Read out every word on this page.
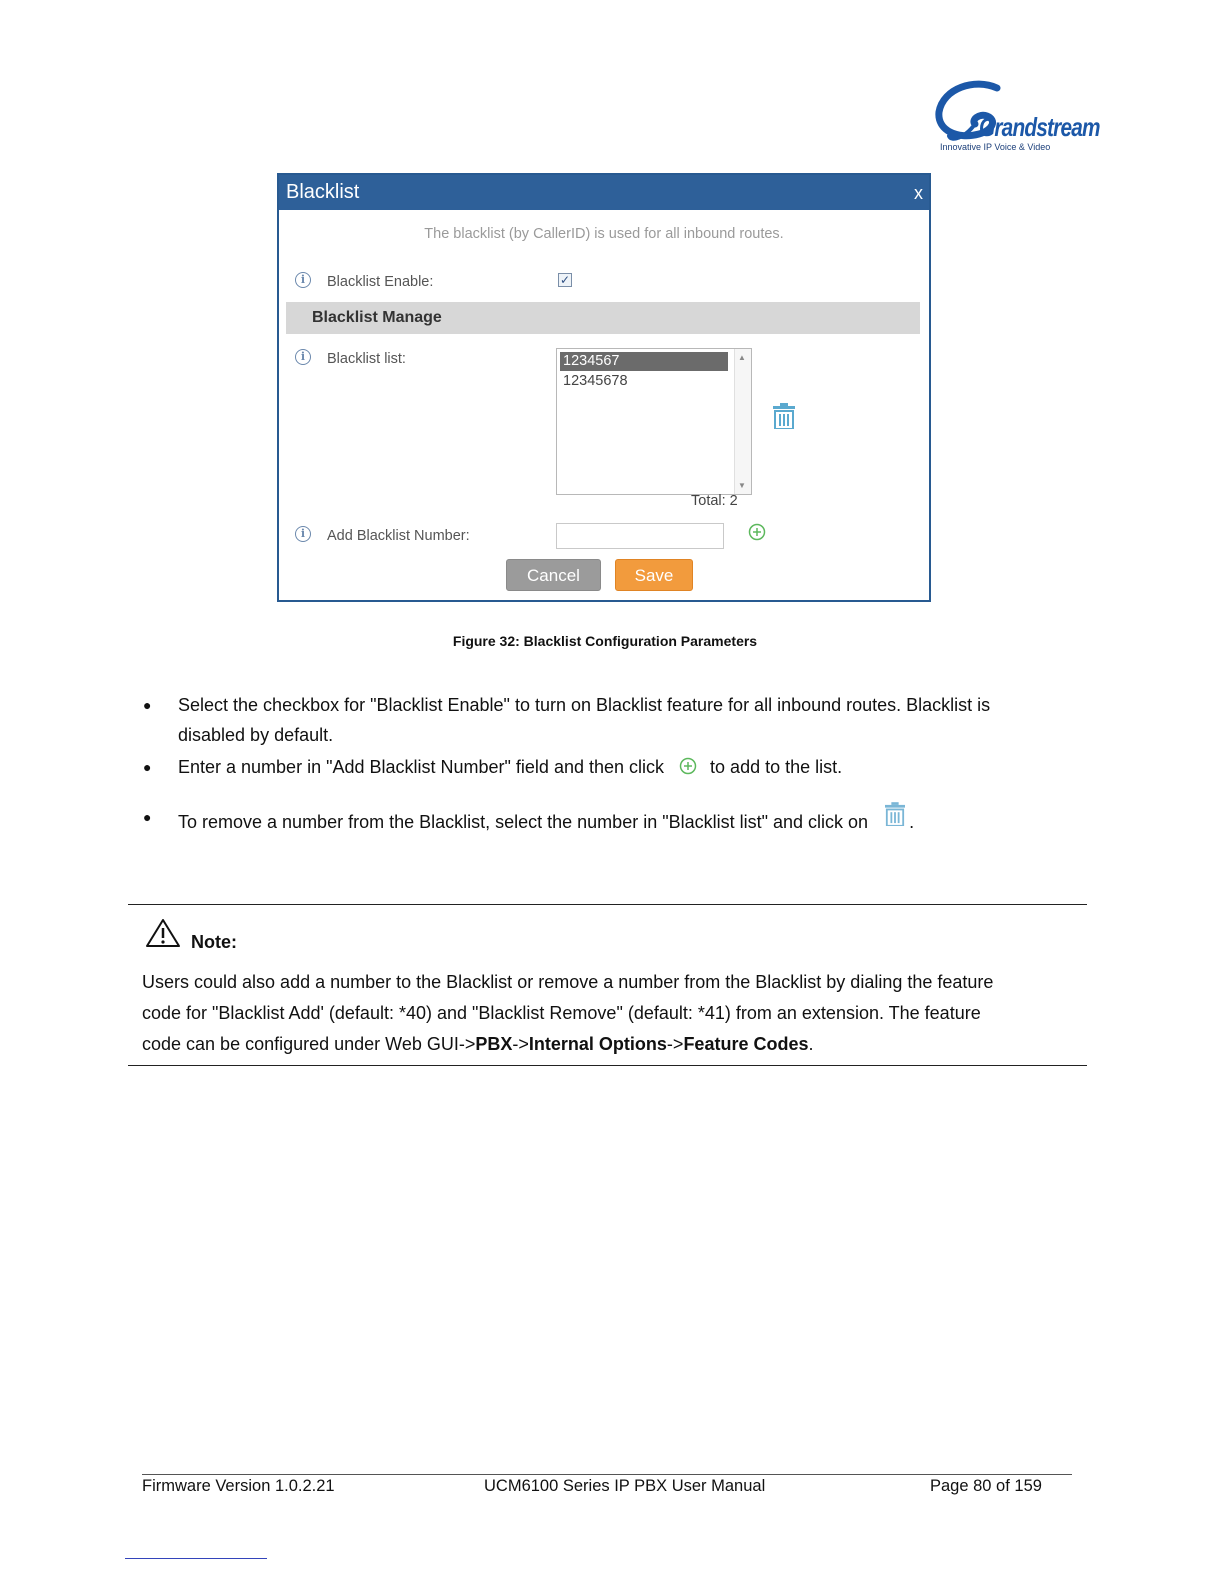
Grandstream
Innovative IP Voice & Video
Blacklist	x
The blacklist (by CallerID) is used for all inbound routes.
i	Blacklist Enable:	✓
Blacklist Manage
i	Blacklist list:	1234567
12345678
▲
▼
Total: 2
i	Add Blacklist Number:
Cancel	Save
Figure 32: Blacklist Configuration Parameters
● Select the checkbox for "Blacklist Enable" to turn on Blacklist feature for all inbound routes. Blacklist is
disabled by default.
● Enter a number in "Add Blacklist Number" field and then click	to add to the list.
● To remove a number from the Blacklist, select the number in "Blacklist list" and click on .
Note:
Users could also add a number to the Blacklist or remove a number from the Blacklist by dialing the feature
code for "Blacklist Add' (default: *40) and "Blacklist Remove" (default: *41) from an extension. The feature
code can be configured under Web GUI->PBX->Internal Options->Feature Codes.
Firmware Version 1.0.2.21	UCM6100 Series IP PBX User Manual	Page 80 of 159
